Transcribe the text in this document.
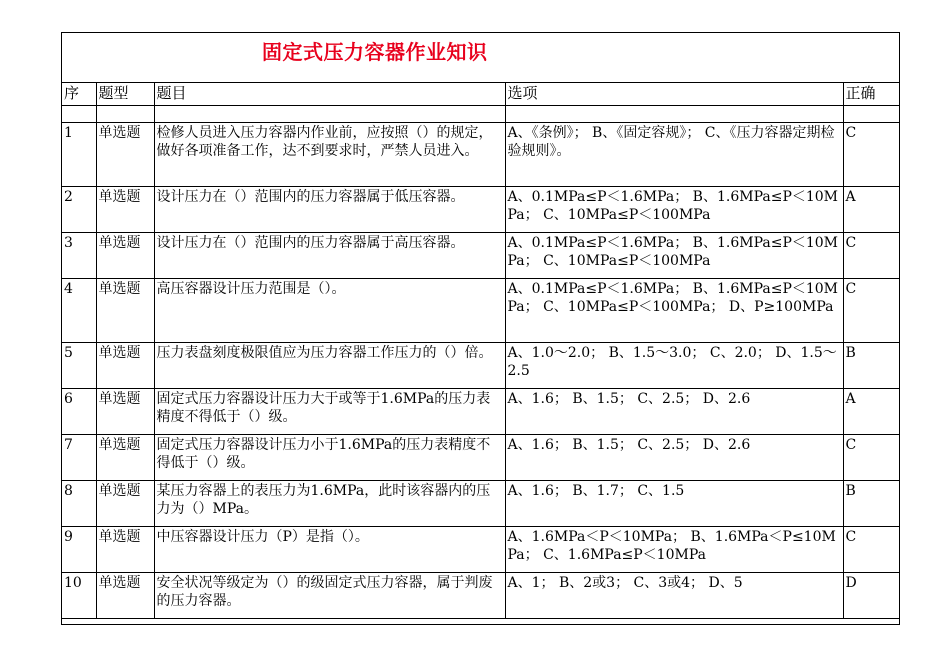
固定式压力容器作业知识
序	题型	题目	选项	正确

1	单选题	检修人员进入压力容器内作业前，应按照（）的规定，做好各项准备工作，达不到要求时，严禁人员进入。	A、《条例》； B、《固定容规》； C、《压力容器定期检验规则》。	C
2	单选题	设计压力在（）范围内的压力容器属于低压容器。	A、0.1MPa≤P＜1.6MPa； B、1.6MPa≤P＜10MPa； C、10MPa≤P＜100MPa	A
3	单选题	设计压力在（）范围内的压力容器属于高压容器。	A、0.1MPa≤P＜1.6MPa； B、1.6MPa≤P＜10MPa； C、10MPa≤P＜100MPa	C
4	单选题	高压容器设计压力范围是（）。	A、0.1MPa≤P＜1.6MPa； B、1.6MPa≤P＜10MPa； C、10MPa≤P＜100MPa； D、P≥100MPa	C
5	单选题	压力表盘刻度极限值应为压力容器工作压力的（）倍。	A、1.0～2.0； B、1.5～3.0； C、2.0； D、1.5～2.5	B
6	单选题	固定式压力容器设计压力大于或等于1.6MPa的压力表精度不得低于（）级。	A、1.6； B、1.5； C、2.5； D、2.6	A
7	单选题	固定式压力容器设计压力小于1.6MPa的压力表精度不得低于（）级。	A、1.6； B、1.5； C、2.5； D、2.6	C
8	单选题	某压力容器上的表压力为1.6MPa，此时该容器内的压力为（）MPa。	A、1.6； B、1.7； C、1.5	B
9	单选题	中压容器设计压力（P）是指（）。	A、1.6MPa＜P＜10MPa； B、1.6MPa＜P≤10MPa； C、1.6MPa≤P＜10MPa	C
10	单选题	安全状况等级定为（）的级固定式压力容器，属于判废的压力容器。	A、1； B、2或3； C、3或4； D、5	D
